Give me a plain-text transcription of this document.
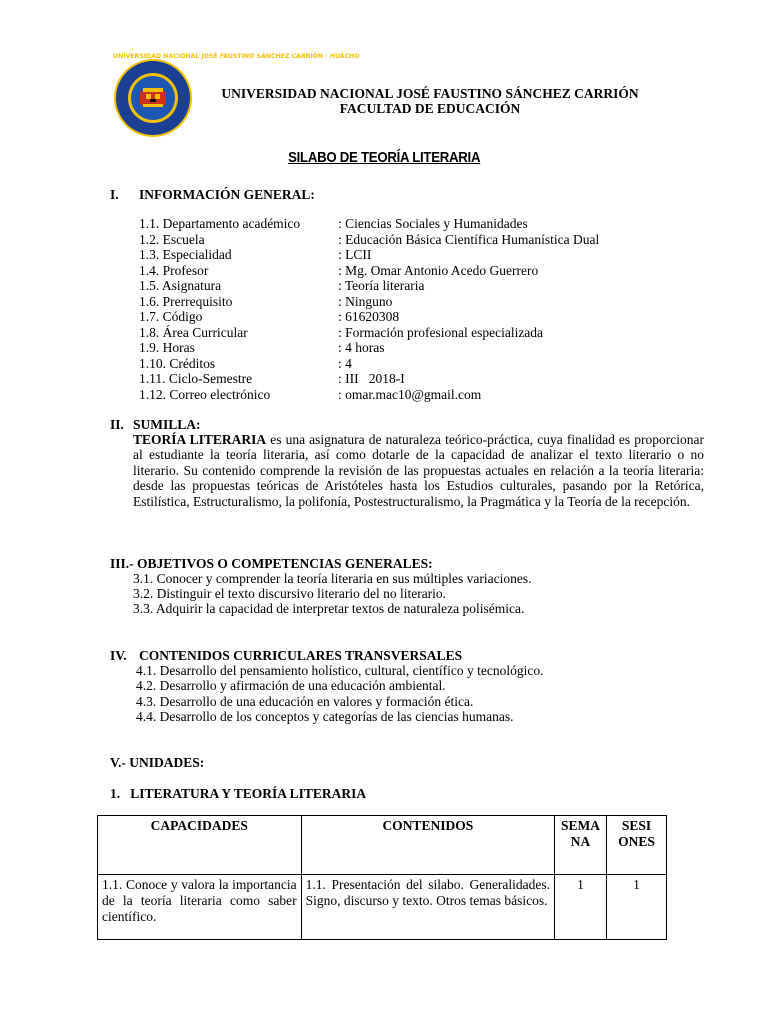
UNIVERSIDAD NACIONAL JOSÉ FAUSTINO SÁNCHEZ CARRIÓN · HUACHO
UNIVERSIDAD NACIONAL JOSÉ FAUSTINO SÁNCHEZ CARRIÓN
FACULTAD DE EDUCACIÓN
SILABO DE TEORÍA LITERARIA
I. INFORMACIÓN GENERAL:
1.1. Departamento académico	: Ciencias Sociales y Humanidades
1.2. Escuela	: Educación Básica Científica Humanística Dual
1.3. Especialidad	: LCII
1.4. Profesor	: Mg. Omar Antonio Acedo Guerrero
1.5. Asignatura	: Teoría literaria
1.6. Prerrequisito	: Ninguno
1.7. Código	: 61620308
1.8. Área Curricular	: Formación profesional especializada
1.9. Horas	: 4 horas
1.10. Créditos	: 4
1.11. Ciclo-Semestre	: III   2018-I
1.12. Correo electrónico	: omar.mac10@gmail.com
II. SUMILLA:
TEORÍA LITERARIA es una asignatura de naturaleza teórico-práctica, cuya finalidad es proporcionar al estudiante la teoría literaria, así como dotarle de la capacidad de analizar el texto literario o no literario. Su contenido comprende la revisión de las propuestas actuales en relación a la teoría literaria: desde las propuestas teóricas de Aristóteles hasta los Estudios culturales, pasando por la Retórica, Estilística, Estructuralismo, la polifonía, Postestructuralismo, la Pragmática y la Teoría de la recepción.
III.- OBJETIVOS O COMPETENCIAS GENERALES:
3.1. Conocer y comprender la teoría literaria en sus múltiples variaciones.
3.2. Distinguir el texto discursivo literario del no literario.
3.3. Adquirir la capacidad de interpretar textos de naturaleza polisémica.
IV. CONTENIDOS CURRICULARES TRANSVERSALES
4.1. Desarrollo del pensamiento holístico, cultural, científico y tecnológico.
4.2. Desarrollo y afirmación de una educación ambiental.
4.3. Desarrollo de una educación en valores y formación ética.
4.4. Desarrollo de los conceptos y categorías de las ciencias humanas.
V.- UNIDADES:
1.   LITERATURA Y TEORÍA LITERARIA
CAPACIDADES	CONTENIDOS	SEMA NA	SESI ONES
1.1. Conoce y valora la importancia de la teoría literaria como saber científico.	1.1. Presentación del silabo. Generalidades. Signo, discurso y texto. Otros temas básicos.	1	1
